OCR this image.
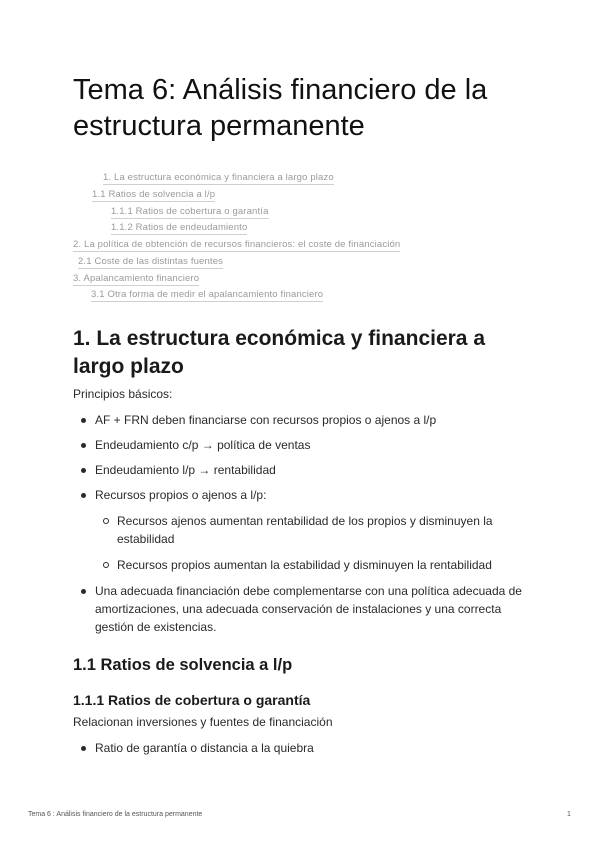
Tema 6: Análisis financiero de la estructura permanente
1. La estructura económica y financiera a largo plazo
1.1 Ratios de solvencia a l/p
1.1.1 Ratios de cobertura o garantía
1.1.2 Ratios de endeudamiento
2. La política de obtención de recursos financieros: el coste de financiación
2.1 Coste de las distintas fuentes
3. Apalancamiento financiero
3.1 Otra forma de medir el apalancamiento financiero
1. La estructura económica y financiera a largo plazo

Principios básicos:

AF + FRN deben financiarse con recursos propios o ajenos a l/p
Endeudamiento c/p → política de ventas
Endeudamiento l/p → rentabilidad
Recursos propios o ajenos a l/p:
Recursos ajenos aumentan rentabilidad de los propios y disminuyen la estabilidad
Recursos propios aumentan la estabilidad y disminuyen la rentabilidad
Una adecuada financiación debe complementarse con una política adecuada de amortizaciones, una adecuada conservación de instalaciones y una correcta gestión de existencias.
1.1 Ratios de solvencia a l/p
1.1.1 Ratios de cobertura o garantía

Relacionan inversiones y fuentes de financiación

Ratio de garantía o distancia a la quiebra
Tema 6 : Análisis financiero de la estructura permanente	1
